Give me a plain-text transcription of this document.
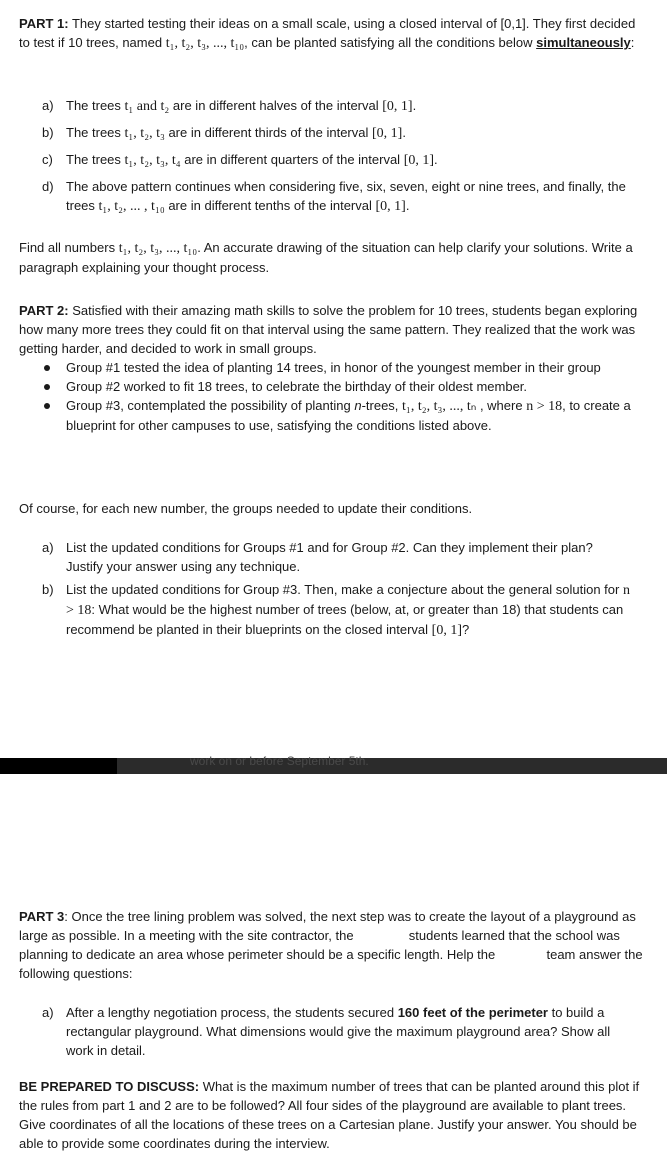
PART 1: They started testing their ideas on a small scale, using a closed interval of [0,1]. They first decided to test if 10 trees, named t₁, t₂, t₃, ..., t₁₀, can be planted satisfying all the conditions below simultaneously:

a) The trees t₁ and t₂ are in different halves of the interval [0, 1].
b) The trees t₁, t₂, t₃ are in different thirds of the interval [0, 1].
c) The trees t₁, t₂, t₃, t₄ are in different quarters of the interval [0, 1].
d) The above pattern continues when considering five, six, seven, eight or nine trees, and finally, the trees t₁, t₂, ... , t₁₀ are in different tenths of the interval [0, 1].

Find all numbers t₁, t₂, t₃, ..., t₁₀. An accurate drawing of the situation can help clarify your solutions. Write a paragraph explaining your thought process.

PART 2: Satisfied with their amazing math skills to solve the problem for 10 trees, students began exploring how many more trees they could fit on that interval using the same pattern. They realized that the work was getting harder, and decided to work in small groups.

Group #1 tested the idea of planting 14 trees, in honor of the youngest member in their group
Group #2 worked to fit 18 trees, to celebrate the birthday of their oldest member.
Group #3, contemplated the possibility of planting n-trees, t₁, t₂, t₃, ..., tₙ , where n > 18, to create a blueprint for other campuses to use, satisfying the conditions listed above.

Of course, for each new number, the groups needed to update their conditions.

a) List the updated conditions for Groups #1 and for Group #2. Can they implement their plan? Justify your answer using any technique.
b) List the updated conditions for Group #3. Then, make a conjecture about the general solution for n > 18: What would be the highest number of trees (below, at, or greater than 18) that students can recommend be planted in their blueprints on the closed interval [0, 1]?
work on or before September 5th.

PART 3: Once the tree lining problem was solved, the next step was to create the layout of a playground as large as possible. In a meeting with the site contractor, the	students learned that the school was planning to dedicate an area whose perimeter should be a specific length. Help the	team answer the following questions:

a) After a lengthy negotiation process, the students secured 160 feet of the perimeter to build a rectangular playground. What dimensions would give the maximum playground area? Show all work in detail.

BE PREPARED TO DISCUSS: What is the maximum number of trees that can be planted around this plot if the rules from part 1 and 2 are to be followed? All four sides of the playground are available to plant trees. Give coordinates of all the locations of these trees on a Cartesian plane. Justify your answer. You should be able to provide some coordinates during the interview.
